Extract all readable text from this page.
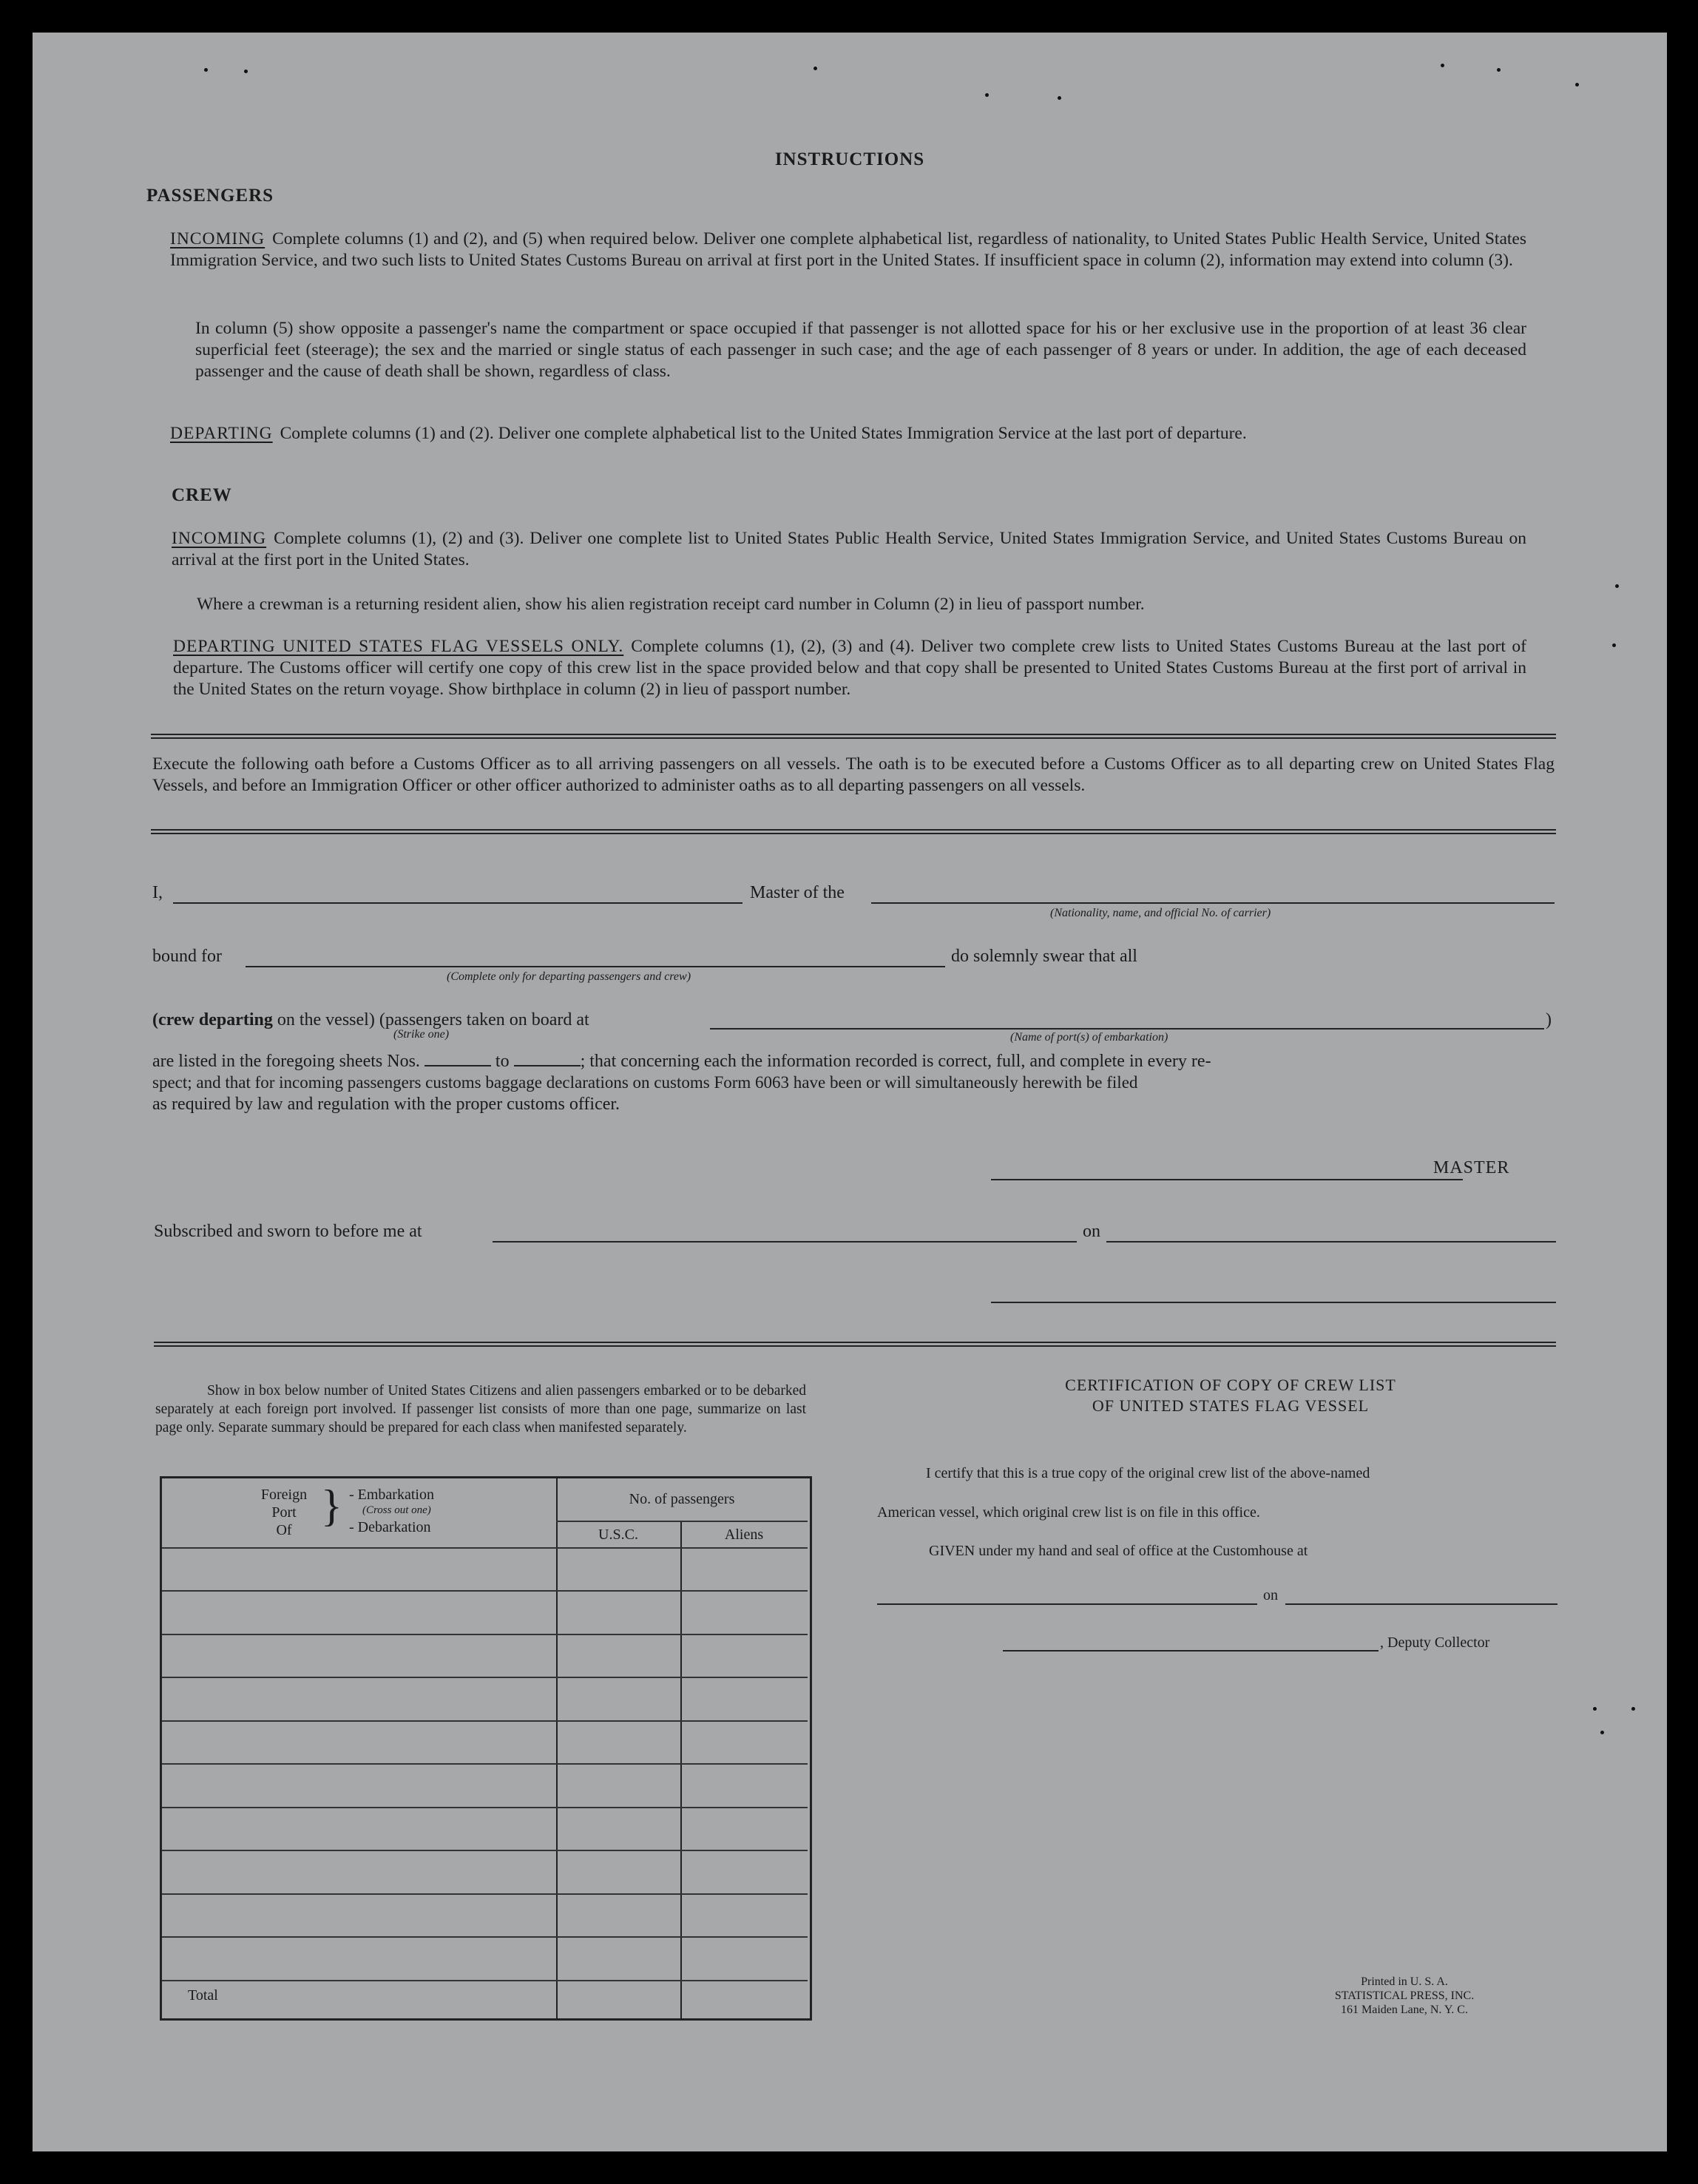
INSTRUCTIONS
PASSENGERS
INCOMING Complete columns (1) and (2), and (5) when required below. Deliver one complete alphabetical list, regardless of nationality, to United States Public Health Service, United States Immigration Service, and two such lists to United States Customs Bureau on arrival at first port in the United States. If insufficient space in column (2), information may extend into column (3).
In column (5) show opposite a passenger's name the compartment or space occupied if that passenger is not allotted space for his or her exclusive use in the proportion of at least 36 clear superficial feet (steerage); the sex and the married or single status of each passenger in such case; and the age of each passenger of 8 years or under. In addition, the age of each deceased passenger and the cause of death shall be shown, regardless of class.
DEPARTING Complete columns (1) and (2). Deliver one complete alphabetical list to the United States Immigration Service at the last port of departure.
CREW
INCOMING Complete columns (1), (2) and (3). Deliver one complete list to United States Public Health Service, United States Immigration Service, and United States Customs Bureau on arrival at the first port in the United States.
Where a crewman is a returning resident alien, show his alien registration receipt card number in Column (2) in lieu of passport number.
DEPARTING UNITED STATES FLAG VESSELS ONLY. Complete columns (1), (2), (3) and (4). Deliver two complete crew lists to United States Customs Bureau at the last port of departure. The Customs officer will certify one copy of this crew list in the space provided below and that copy shall be presented to United States Customs Bureau at the first port of arrival in the United States on the return voyage. Show birthplace in column (2) in lieu of passport number.
Execute the following oath before a Customs Officer as to all arriving passengers on all vessels. The oath is to be executed before a Customs Officer as to all departing crew on United States Flag Vessels, and before an Immigration Officer or other officer authorized to administer oaths as to all departing passengers on all vessels.
I,	Master of the
(Nationality, name, and official No. of carrier)
bound for
(Complete only for departing passengers and crew)
do solemnly swear that all
(crew departing on the vessel) (passengers taken on board at
(Strike one)
)
(Name of port(s) of embarkation)
are listed in the foregoing sheets Nos.	to	; that concerning each the information recorded is correct, full, and complete in every re-
spect; and that for incoming passengers customs baggage declarations on customs Form 6063 have been or will simultaneously herewith be filed
as required by law and regulation with the proper customs officer.
MASTER
Subscribed and sworn to before me at	on
Show in box below number of United States Citizens and alien passengers embarked or to be debarked separately at each foreign port involved. If passenger list consists of more than one page, summarize on last page only. Separate summary should be prepared for each class when manifested separately.
Foreign
Port
Of } - Embarkation
(Cross out one)
- Debarkation
No. of passengers
U.S.C.	Aliens
Total
CERTIFICATION OF COPY OF CREW LIST
OF UNITED STATES FLAG VESSEL
I certify that this is a true copy of the original crew list of the above-named
American vessel, which original crew list is on file in this office.
GIVEN under my hand and seal of office at the Customhouse at
on
, Deputy Collector
Printed in U. S. A.
STATISTICAL PRESS, INC.
161 Maiden Lane, N. Y. C.
